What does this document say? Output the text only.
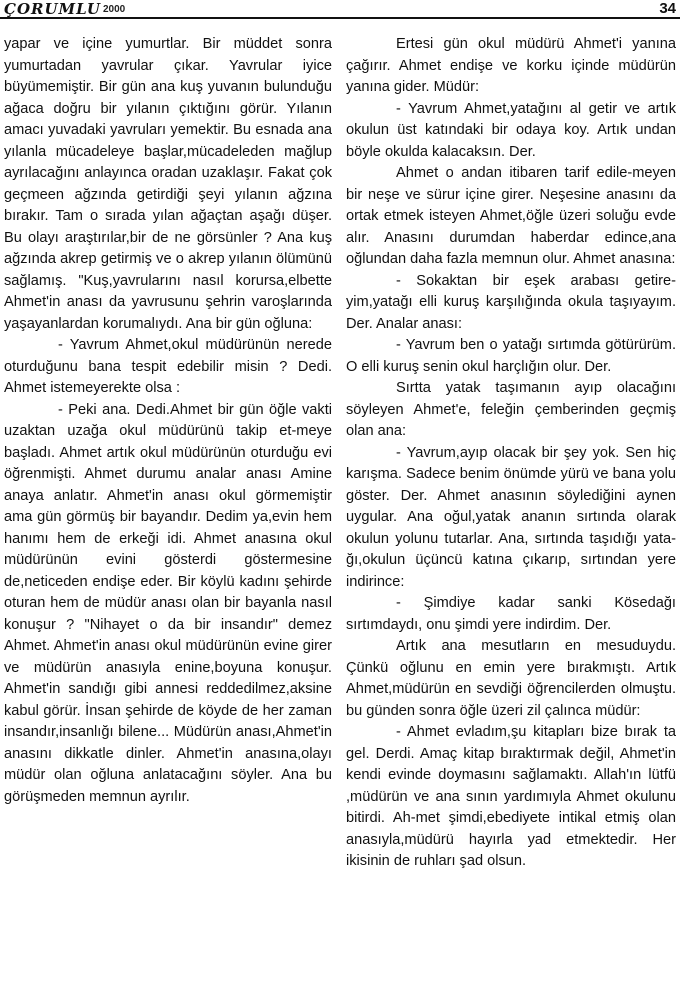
ÇORUMLU 2000	34

yapar ve içine yumurtlar. Bir müddet sonra yumurtadan yavrular çıkar. Yavrular iyice büyümemiştir. Bir gün ana kuş yuvanın bulunduğu ağaca doğru bir yılanın çıktığını görür. Yılanın amacı yuvadaki yavruları yemektir. Bu esnada ana yılanla mücadeleye başlar,mücadeleden mağlup ayrılacağını anlayınca oradan uzaklaşır. Fakat çok geçmeen ağzında getirdiği şeyi yılanın ağzına bırakır. Tam o sırada yılan ağaçtan aşağı düşer. Bu olayı araştırılar,bir de ne görsünler ? Ana kuş ağzında akrep getirmiş ve o akrep yılanın ölümünü sağlamış. "Kuş,yavrularını nasıl korursa,elbette Ahmet'in anası da yavrusunu şehrin varoşlarında yaşayanlardan korumalıydı. Ana bir gün oğluna:

- Yavrum Ahmet,okul müdürünün nerede oturduğunu bana tespit edebilir misin ? Dedi. Ahmet istemeyerekte olsa :

- Peki ana. Dedi.Ahmet bir gün öğle vakti uzaktan uzağa okul müdürünü takip et-meye başladı. Ahmet artık okul müdürünün oturduğu evi öğrenmişti. Ahmet durumu analar anası Amine anaya anlatır. Ahmet'in anası okul görmemiştir ama gün görmüş bir bayandır. Dedim ya,evin hem hanımı hem de erkeği idi. Ahmet anasına okul müdürünün evini gösterdi göstermesine de,neticeden endişe eder. Bir köylü kadını şehirde oturan hem de müdür anası olan bir bayanla nasıl konuşur ? "Nihayet o da bir insandır" demez Ahmet. Ahmet'in anası okul müdürünün evine girer ve müdürün anasıyla enine,boyuna konuşur. Ahmet'in sandığı gibi annesi reddedilmez,aksine kabul görür. İnsan şehirde de köyde de her zaman insandır,insanlığı bilene... Müdürün anası,Ahmet'in anasını dikkatle dinler. Ahmet'in anasına,olayı müdür olan oğluna anlatacağını söyler. Ana bu görüşmeden memnun ayrılır.

Ertesi gün okul müdürü Ahmet'i yanına çağırır. Ahmet endişe ve korku içinde müdürün yanına gider. Müdür:

- Yavrum Ahmet,yatağını al getir ve artık okulun üst katındaki bir odaya koy. Artık undan böyle okulda kalacaksın. Der.

Ahmet o andan itibaren tarif edile-meyen bir neşe ve sürur içine girer. Neşesine anasını da ortak etmek isteyen Ahmet,öğle üzeri soluğu evde alır. Anasını durumdan haberdar edince,ana oğlundan daha fazla memnun olur. Ahmet anasına:

- Sokaktan bir eşek arabası getire-yim,yatağı elli kuruş karşılığında okula taşıyayım. Der. Analar anası:

- Yavrum ben o yatağı sırtımda götürürüm. O elli kuruş senin okul harçlığın olur. Der.

Sırtta yatak taşımanın ayıp olacağını söyleyen Ahmet'e, feleğin çemberinden geçmiş olan ana:

- Yavrum,ayıp olacak bir şey yok. Sen hiç karışma. Sadece benim önümde yürü ve bana yolu göster. Der. Ahmet anasının söylediğini aynen uygular. Ana oğul,yatak ananın sırtında olarak okulun yolunu tutarlar. Ana, sırtında taşıdığı yata-ğı,okulun üçüncü katına çıkarıp, sırtından yere indirince:

- Şimdiye kadar sanki Kösedağı sırtımdaydı, onu şimdi yere indirdim. Der.

Artık ana mesutların en mesuduydu. Çünkü oğlunu en emin yere bırakmıştı. Artık Ahmet,müdürün en sevdiği öğrencilerden olmuştu. bu günden sonra öğle üzeri zil çalınca müdür:

- Ahmet evladım,şu kitapları bize bırak ta gel. Derdi. Amaç kitap bıraktırmak değil, Ahmet'in kendi evinde doymasını sağlamaktı. Allah'ın lütfü ,müdürün ve ana sının yardımıyla Ahmet okulunu bitirdi. Ah-met şimdi,ebediyete intikal etmiş olan anasıyla,müdürü hayırla yad etmektedir. Her ikisinin de ruhları şad olsun.
